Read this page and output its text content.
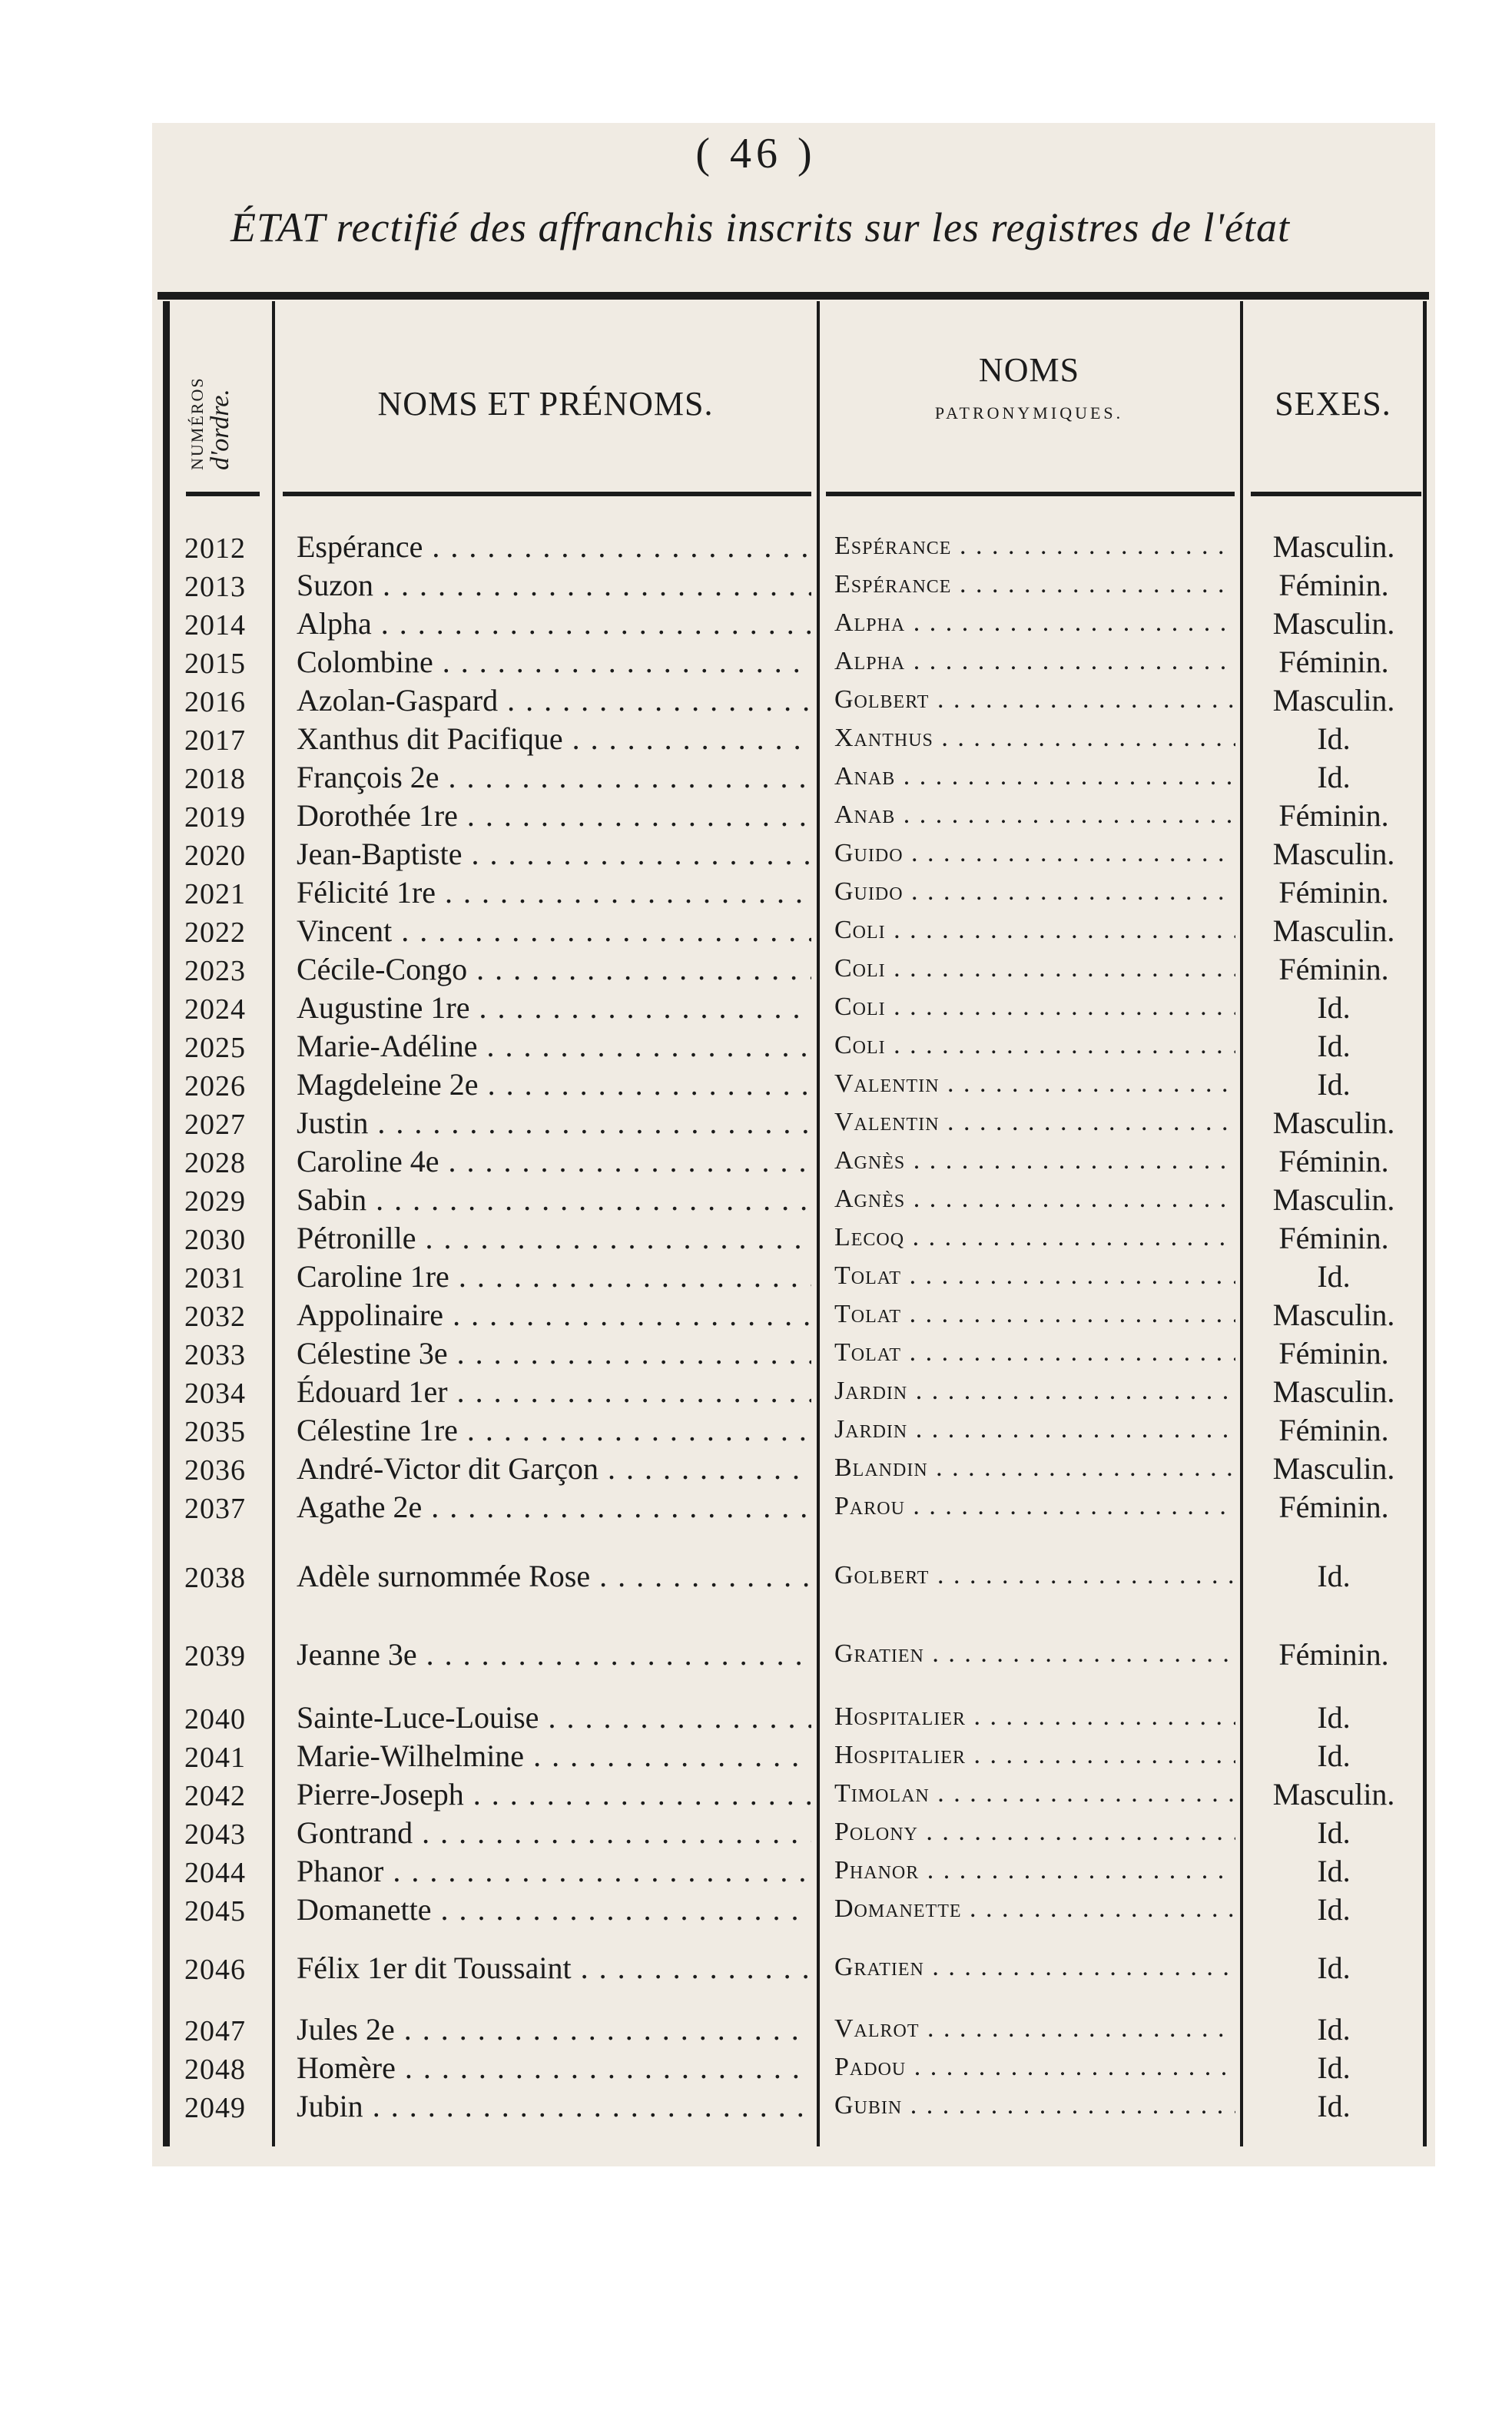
( 46 )
ÉTAT rectifié des affranchis inscrits sur les registres de l'état
NUMÉROS d'ordre.	NOMS ET PRÉNOMS.
NOMS
PATRONYMIQUES.	SEXES.
2012	Espérance . . .	Espérance . . .	Masculin.
2013	Suzon . . .	Espérance . . .	Féminin.
2014	Alpha . . .	Alpha . . .	Masculin.
2015	Colombine . . .	Alpha . . .	Féminin.
2016	Azolan-Gaspard . . .	Golbert . . .	Masculin.
2017	Xanthus dit Pacifique . . .	Xanthus . . .	Id.
2018	François 2e . . .	Anab . . .	Id.
2019	Dorothée 1re . . .	Anab . . .	Féminin.
2020	Jean-Baptiste . . .	Guido . . .	Masculin.
2021	Félicité 1re . . .	Guido . . .	Féminin.
2022	Vincent . . .	Coli . . .	Masculin.
2023	Cécile-Congo . . .	Coli . . .	Féminin.
2024	Augustine 1re . . .	Coli . . .	Id.
2025	Marie-Adéline . . .	Coli . . .	Id.
2026	Magdeleine 2e . . .	Valentin . . .	Id.
2027	Justin . . .	Valentin . . .	Masculin.
2028	Caroline 4e . . .	Agnès . . .	Féminin.
2029	Sabin . . .	Agnès . . .	Masculin.
2030	Pétronille . . .	Lecoq . . .	Féminin.
2031	Caroline 1re . . .	Tolat . . .	Id.
2032	Appolinaire . . .	Tolat . . .	Masculin.
2033	Célestine 3e . . .	Tolat . . .	Féminin.
2034	Édouard 1er . . .	Jardin . . .	Masculin.
2035	Célestine 1re . . .	Jardin . . .	Féminin.
2036	André-Victor dit Garçon . . .	Blandin . . .	Masculin.
2037	Agathe 2e . . .	Parou . . .	Féminin.
2038	Adèle surnommée Rose . . .	Golbert . . .	Id.
2039	Jeanne 3e . . .	Gratien . . .	Féminin.
2040	Sainte-Luce-Louise . . .	Hospitalier . . .	Id.
2041	Marie-Wilhelmine . . .	Hospitalier . . .	Id.
2042	Pierre-Joseph . . .	Timolan . . .	Masculin.
2043	Gontrand . . .	Polony . . .	Id.
2044	Phanor . . .	Phanor . . .	Id.
2045	Domanette . . .	Domanette . . .	Id.
2046	Félix 1er dit Toussaint . . .	Gratien . . .	Id.
2047	Jules 2e . . .	Valrot . . .	Id.
2048	Homère . . .	Padou . . .	Id.
2049	Jubin . . .	Gubin . . .	Id.
